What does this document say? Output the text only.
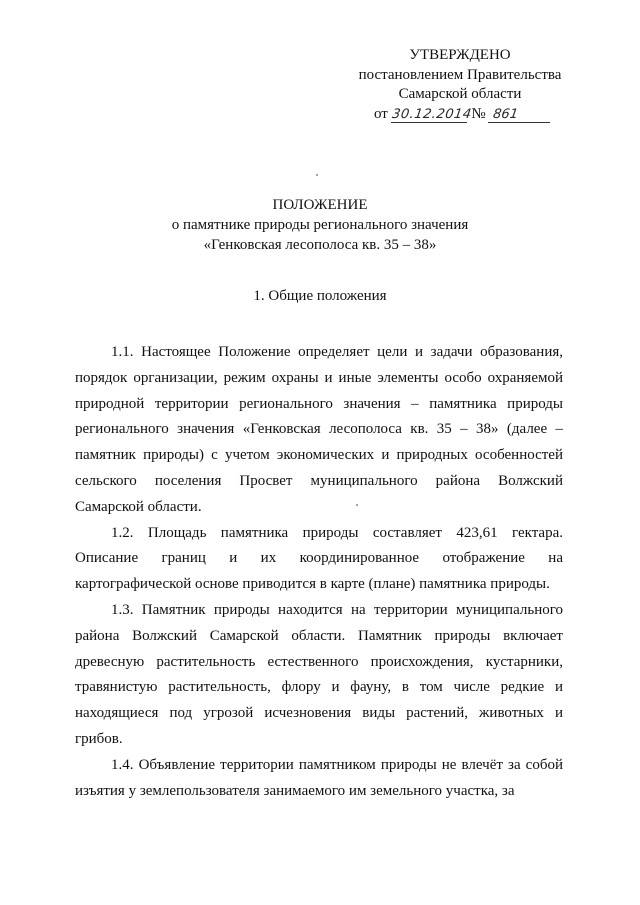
УТВЕРЖДЕНО
постановлением Правительства
Самарской области
от 30.12.2014 № 861
ПОЛОЖЕНИЕ
о памятнике природы регионального значения
«Генковская лесополоса кв. 35 – 38»
1. Общие положения

1.1. Настоящее Положение определяет цели и задачи образования, порядок организации, режим охраны и иные элементы особо охраняемой природной территории регионального значения – памятника природы регионального значения «Генковская лесополоса кв. 35 – 38» (далее – памятник природы) с учетом экономических и природных особенностей сельского поселения Просвет муниципального района Волжский Самарской области.

1.2. Площадь памятника природы составляет 423,61 гектара. Описание границ и их координированное отображение на картографической основе приводится в карте (плане) памятника природы.

1.3. Памятник природы находится на территории муниципального района Волжский Самарской области. Памятник природы включает древесную растительность естественного происхождения, кустарники, травянистую растительность, флору и фауну, в том числе редкие и находящиеся под угрозой исчезновения виды растений, животных и грибов.

1.4. Объявление территории памятником природы не влечёт за собой изъятия у землепользователя занимаемого им земельного участка, за
